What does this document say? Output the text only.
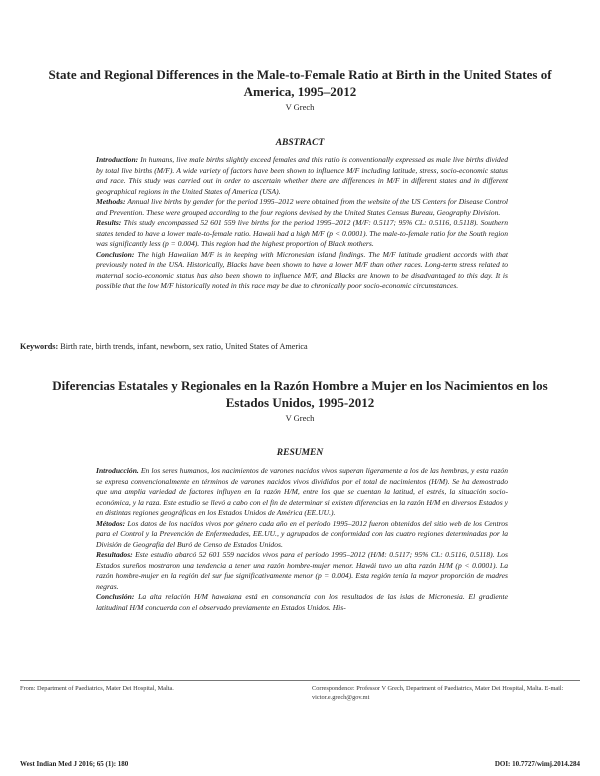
State and Regional Differences in the Male-to-Female Ratio at Birth in the United States of America, 1995–2012
V Grech
ABSTRACT

Introduction: In humans, live male births slightly exceed females and this ratio is conventionally expressed as male live births divided by total live births (M/F). A wide variety of factors have been shown to influence M/F including latitude, stress, socio-economic status and race. This study was carried out in order to ascertain whether there are differences in M/F in different states and in different geographical regions in the United States of America (USA).

Methods: Annual live births by gender for the period 1995–2012 were obtained from the website of the US Centers for Disease Control and Prevention. These were grouped according to the four regions devised by the United States Census Bureau, Geography Division.

Results: This study encompassed 52 601 559 live births for the period 1995–2012 (M/F: 0.5117; 95% CL: 0.5116, 0.5118). Southern states tended to have a lower male-to-female ratio. Hawaii had a high M/F (p < 0.0001). The male-to-female ratio for the South region was significantly less (p = 0.004). This region had the highest proportion of Black mothers.

Conclusion: The high Hawaiian M/F is in keeping with Micronesian island findings. The M/F latitude gradient accords with that previously noted in the USA. Historically, Blacks have been shown to have a lower M/F than other races. Long-term stress related to maternal socio-economic status has also been shown to influence M/F, and Blacks are known to be disadvantaged to this day. It is possible that the low M/F historically noted in this race may be due to chronically poor socio-economic circumstances.

Keywords: Birth rate, birth trends, infant, newborn, sex ratio, United States of America
Diferencias Estatales y Regionales en la Razón Hombre a Mujer en los Nacimientos en los Estados Unidos, 1995-2012
V Grech
RESUMEN

Introducción. En los seres humanos, los nacimientos de varones nacidos vivos superan ligeramente a los de las hembras, y esta razón se expresa convencionalmente en términos de varones nacidos vivos divididos por el total de nacimientos (H/M). Se ha demostrado que una amplia variedad de factores influyen en la razón H/M, entre los que se cuentan la latitud, el estrés, la situación socio-económica, y la raza. Este estudio se llevó a cabo con el fin de determinar si existen diferencias en la razón H/M en diversos Estados y en distintas regiones geográficas en los Estados Unidos de América (EE.UU.).

Métodos: Los datos de los nacidos vivos por género cada año en el período 1995–2012 fueron obtenidos del sitio web de los Centros para el Control y la Prevención de Enfermedades, EE.UU., y agrupados de conformidad con las cuatro regiones determinadas por la División de Geografía del Buró de Censo de Estados Unidos.

Resultados: Este estudio abarcó 52 601 559 nacidos vivos para el período 1995–2012 (H/M: 0.5117; 95% CL: 0.5116, 0.5118). Los Estados sureños mostraron una tendencia a tener una razón hombre-mujer menor. Hawái tuvo un alta razón H/M (p < 0.0001). La razón hombre-mujer en la región del sur fue significativamente menor (p = 0.004). Esta región tenía la mayor proporción de madres negras.

Conclusión: La alta relación H/M hawaiana está en consonancia con los resultados de las islas de Micronesia. El gradiente latitudinal H/M concuerda con el observado previamente en Estados Unidos. His-

From: Department of Paediatrics, Mater Dei Hospital, Malta.	Correspondence: Professor V Grech, Department of Paediatrics, Mater Dei Hospital, Malta. E-mail: victor.e.grech@gov.mt
West Indian Med J 2016; 65 (1): 180	DOI: 10.7727/wimj.2014.284
